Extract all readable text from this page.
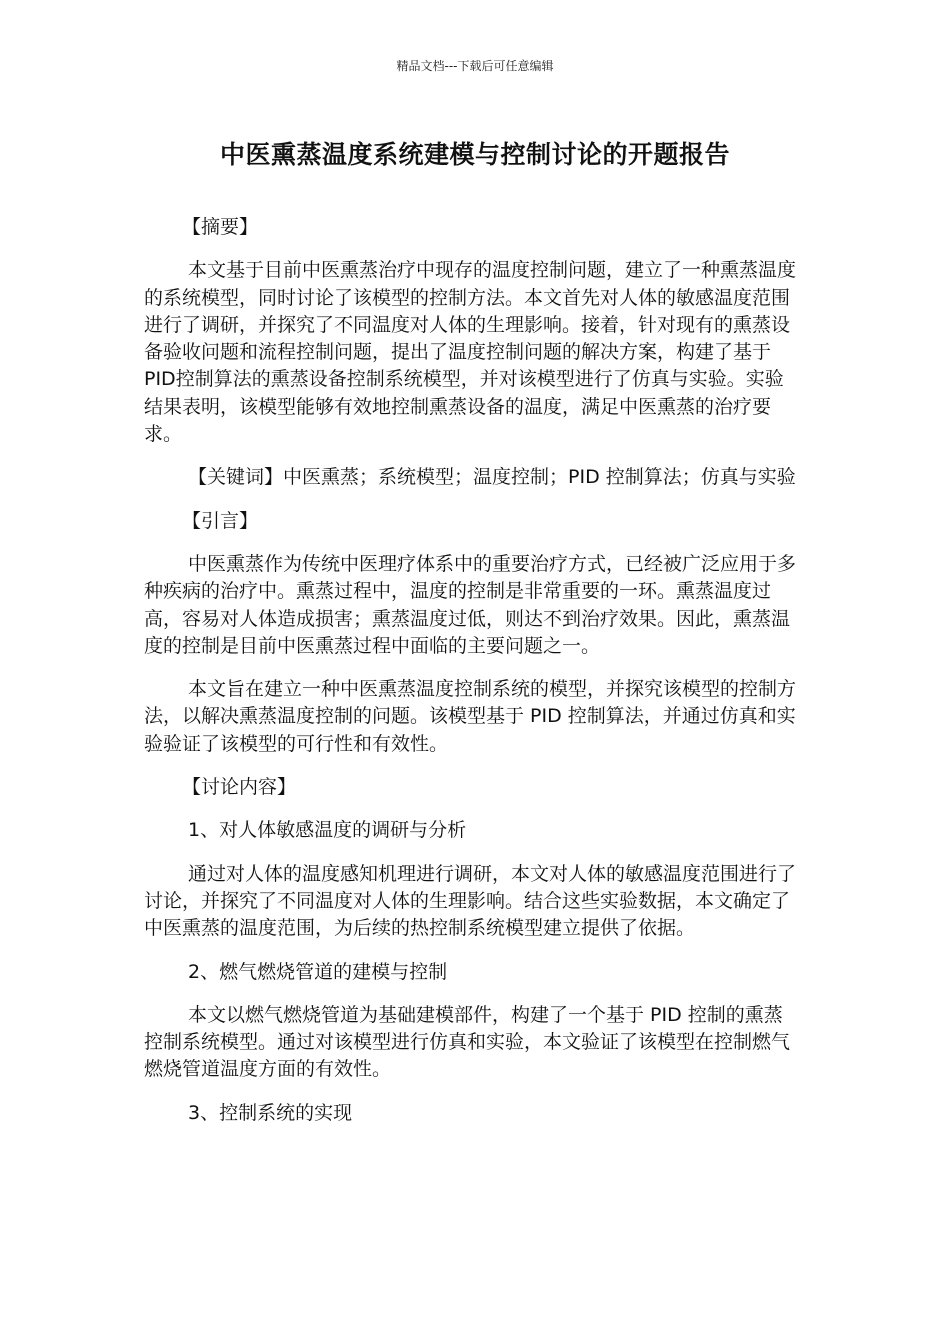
精品文档---下载后可任意编辑
中医熏蒸温度系统建模与控制讨论的开题报告

【摘要】

本文基于目前中医熏蒸治疗中现存的温度控制问题，建立了一种熏蒸温度的系统模型，同时讨论了该模型的控制方法。本文首先对人体的敏感温度范围进行了调研，并探究了不同温度对人体的生理影响。接着，针对现有的熏蒸设备验收问题和流程控制问题，提出了温度控制问题的解决方案，构建了基于PID控制算法的熏蒸设备控制系统模型，并对该模型进行了仿真与实验。实验结果表明，该模型能够有效地控制熏蒸设备的温度，满足中医熏蒸的治疗要求。

【关键词】中医熏蒸；系统模型；温度控制；PID 控制算法；仿真与实验

【引言】

中医熏蒸作为传统中医理疗体系中的重要治疗方式，已经被广泛应用于多种疾病的治疗中。熏蒸过程中，温度的控制是非常重要的一环。熏蒸温度过高，容易对人体造成损害；熏蒸温度过低，则达不到治疗效果。因此，熏蒸温度的控制是目前中医熏蒸过程中面临的主要问题之一。

本文旨在建立一种中医熏蒸温度控制系统的模型，并探究该模型的控制方法，以解决熏蒸温度控制的问题。该模型基于 PID 控制算法，并通过仿真和实验验证了该模型的可行性和有效性。

【讨论内容】

1、对人体敏感温度的调研与分析

通过对人体的温度感知机理进行调研，本文对人体的敏感温度范围进行了讨论，并探究了不同温度对人体的生理影响。结合这些实验数据，本文确定了中医熏蒸的温度范围，为后续的热控制系统模型建立提供了依据。

2、燃气燃烧管道的建模与控制

本文以燃气燃烧管道为基础建模部件，构建了一个基于 PID 控制的熏蒸控制系统模型。通过对该模型进行仿真和实验，本文验证了该模型在控制燃气燃烧管道温度方面的有效性。

3、控制系统的实现
